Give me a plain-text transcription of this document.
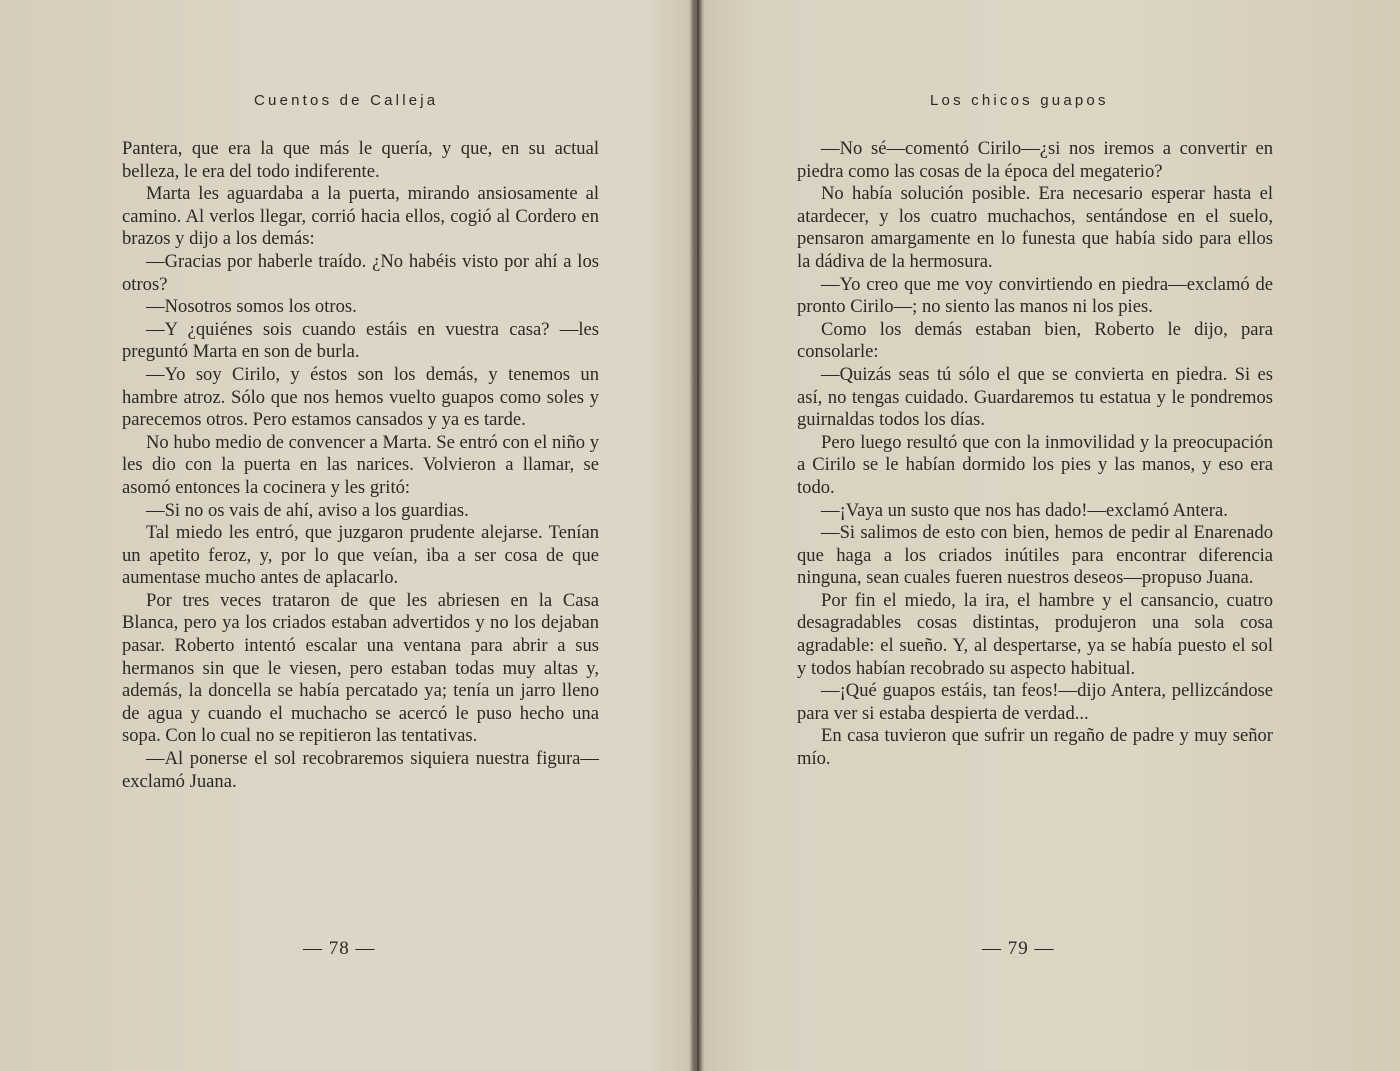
Cuentos de Calleja

Pantera, que era la que más le quería, y que, en su actual belleza, le era del todo indiferente.

Marta les aguardaba a la puerta, mirando ansiosamente al camino. Al verlos llegar, corrió hacia ellos, cogió al Cordero en brazos y dijo a los demás:

—Gracias por haberle traído. ¿No habéis visto por ahí a los otros?

—Nosotros somos los otros.

—Y ¿quiénes sois cuando estáis en vuestra casa? —les preguntó Marta en son de burla.

—Yo soy Cirilo, y éstos son los demás, y tenemos un hambre atroz. Sólo que nos hemos vuelto guapos como soles y parecemos otros. Pero estamos cansados y ya es tarde.

No hubo medio de convencer a Marta. Se entró con el niño y les dio con la puerta en las narices. Volvieron a llamar, se asomó entonces la cocinera y les gritó:

—Si no os vais de ahí, aviso a los guardias.

Tal miedo les entró, que juzgaron prudente alejarse. Tenían un apetito feroz, y, por lo que veían, iba a ser cosa de que aumentase mucho antes de aplacarlo.

Por tres veces trataron de que les abriesen en la Casa Blanca, pero ya los criados estaban advertidos y no los dejaban pasar. Roberto intentó escalar una ventana para abrir a sus hermanos sin que le viesen, pero estaban todas muy altas y, además, la doncella se había percatado ya; tenía un jarro lleno de agua y cuando el muchacho se acercó le puso hecho una sopa. Con lo cual no se repitieron las tentativas.

—Al ponerse el sol recobraremos siquiera nuestra figura—exclamó Juana.

— 78 —
Los chicos guapos

—No sé—comentó Cirilo—¿si nos iremos a convertir en piedra como las cosas de la época del megaterio?

No había solución posible. Era necesario esperar hasta el atardecer, y los cuatro muchachos, sentándose en el suelo, pensaron amargamente en lo funesta que había sido para ellos la dádiva de la hermosura.

—Yo creo que me voy convirtiendo en piedra—exclamó de pronto Cirilo—; no siento las manos ni los pies.

Como los demás estaban bien, Roberto le dijo, para consolarle:

—Quizás seas tú sólo el que se convierta en piedra. Si es así, no tengas cuidado. Guardaremos tu estatua y le pondremos guirnaldas todos los días.

Pero luego resultó que con la inmovilidad y la preocupación a Cirilo se le habían dormido los pies y las manos, y eso era todo.

—¡Vaya un susto que nos has dado!—exclamó Antera.

—Si salimos de esto con bien, hemos de pedir al Enarenado que haga a los criados inútiles para encontrar diferencia ninguna, sean cuales fueren nuestros deseos—propuso Juana.

Por fin el miedo, la ira, el hambre y el cansancio, cuatro desagradables cosas distintas, produjeron una sola cosa agradable: el sueño. Y, al despertarse, ya se había puesto el sol y todos habían recobrado su aspecto habitual.

—¡Qué guapos estáis, tan feos!—dijo Antera, pellizcándose para ver si estaba despierta de verdad...

En casa tuvieron que sufrir un regaño de padre y muy señor mío.

— 79 —
